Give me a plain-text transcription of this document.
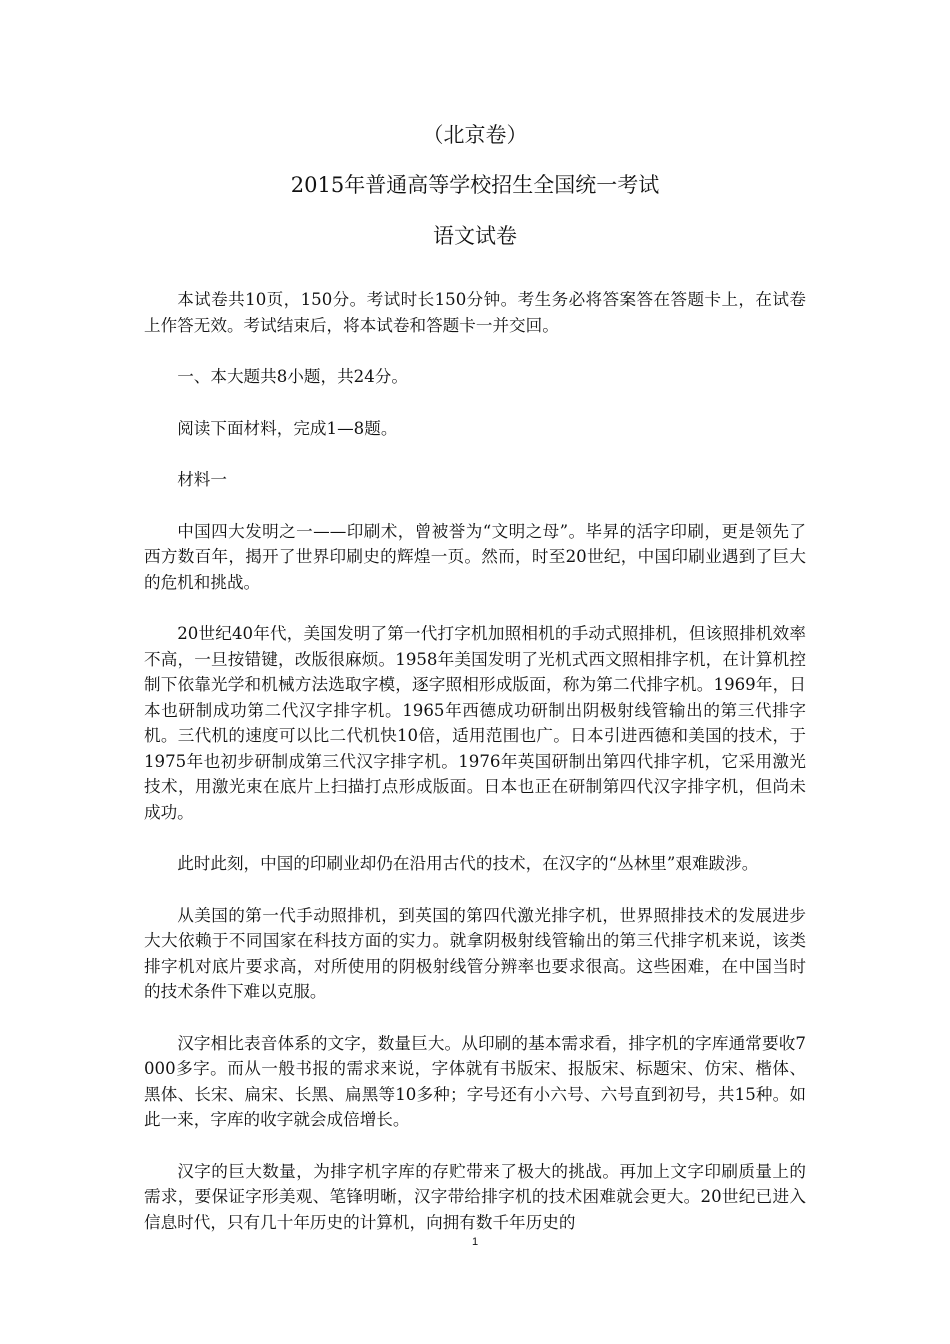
（北京卷）
2015年普通高等学校招生全国统一考试
语文试卷

本试卷共10页，150分。考试时长150分钟。考生务必将答案答在答题卡上，在试卷上作答无效。考试结束后，将本试卷和答题卡一并交回。

一、本大题共8小题，共24分。

阅读下面材料，完成1—8题。

材料一

中国四大发明之一——印刷术，曾被誉为“文明之母”。毕昇的活字印刷，更是领先了西方数百年，揭开了世界印刷史的辉煌一页。然而，时至20世纪，中国印刷业遇到了巨大的危机和挑战。

20世纪40年代，美国发明了第一代打字机加照相机的手动式照排机，但该照排机效率不高，一旦按错键，改版很麻烦。1958年美国发明了光机式西文照相排字机，在计算机控制下依靠光学和机械方法选取字模，逐字照相形成版面，称为第二代排字机。1969年，日本也研制成功第二代汉字排字机。1965年西德成功研制出阴极射线管输出的第三代排字机。三代机的速度可以比二代机快10倍，适用范围也广。日本引进西德和美国的技术，于1975年也初步研制成第三代汉字排字机。1976年英国研制出第四代排字机，它采用激光技术，用激光束在底片上扫描打点形成版面。日本也正在研制第四代汉字排字机，但尚未成功。

此时此刻，中国的印刷业却仍在沿用古代的技术，在汉字的“丛林里”艰难跋涉。

从美国的第一代手动照排机，到英国的第四代激光排字机，世界照排技术的发展进步大大依赖于不同国家在科技方面的实力。就拿阴极射线管输出的第三代排字机来说，该类排字机对底片要求高，对所使用的阴极射线管分辨率也要求很高。这些困难，在中国当时的技术条件下难以克服。

汉字相比表音体系的文字，数量巨大。从印刷的基本需求看，排字机的字库通常要收7000多字。而从一般书报的需求来说，字体就有书版宋、报版宋、标题宋、仿宋、楷体、黑体、长宋、扁宋、长黑、扁黑等10多种；字号还有小六号、六号直到初号，共15种。如此一来，字库的收字就会成倍增长。

汉字的巨大数量，为排字机字库的存贮带来了极大的挑战。再加上文字印刷质量上的需求，要保证字形美观、笔锋明晰，汉字带给排字机的技术困难就会更大。20世纪已进入信息时代，只有几十年历史的计算机，向拥有数千年历史的

1
